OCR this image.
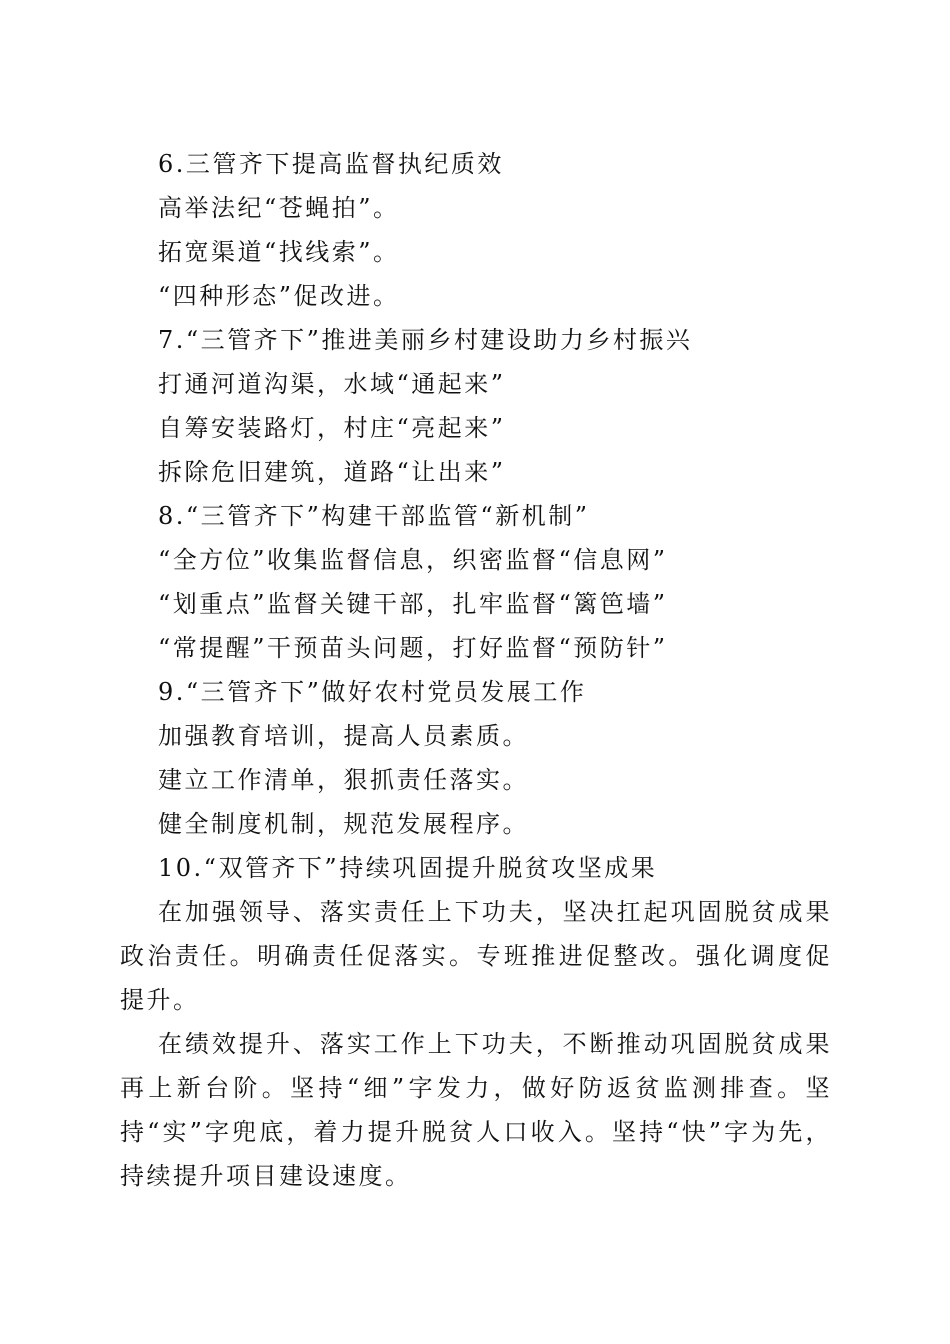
6.三管齐下提高监督执纪质效
高举法纪“苍蝇拍”。
拓宽渠道“找线索”。
“四种形态”促改进。
7.“三管齐下”推进美丽乡村建设助力乡村振兴
打通河道沟渠，水域“通起来”
自筹安装路灯，村庄“亮起来”
拆除危旧建筑，道路“让出来”
8.“三管齐下”构建干部监管“新机制”
“全方位”收集监督信息，织密监督“信息网”
“划重点”监督关键干部，扎牢监督“篱笆墙”
“常提醒”干预苗头问题，打好监督“预防针”
9.“三管齐下”做好农村党员发展工作
加强教育培训，提高人员素质。
建立工作清单，狠抓责任落实。
健全制度机制，规范发展程序。
10.“双管齐下”持续巩固提升脱贫攻坚成果

在加强领导、落实责任上下功夫，坚决扛起巩固脱贫成果政治责任。明确责任促落实。专班推进促整改。强化调度促提升。

在绩效提升、落实工作上下功夫，不断推动巩固脱贫成果再上新台阶。坚持“细”字发力，做好防返贫监测排查。坚持“实”字兜底，着力提升脱贫人口收入。坚持“快”字为先，持续提升项目建设速度。
